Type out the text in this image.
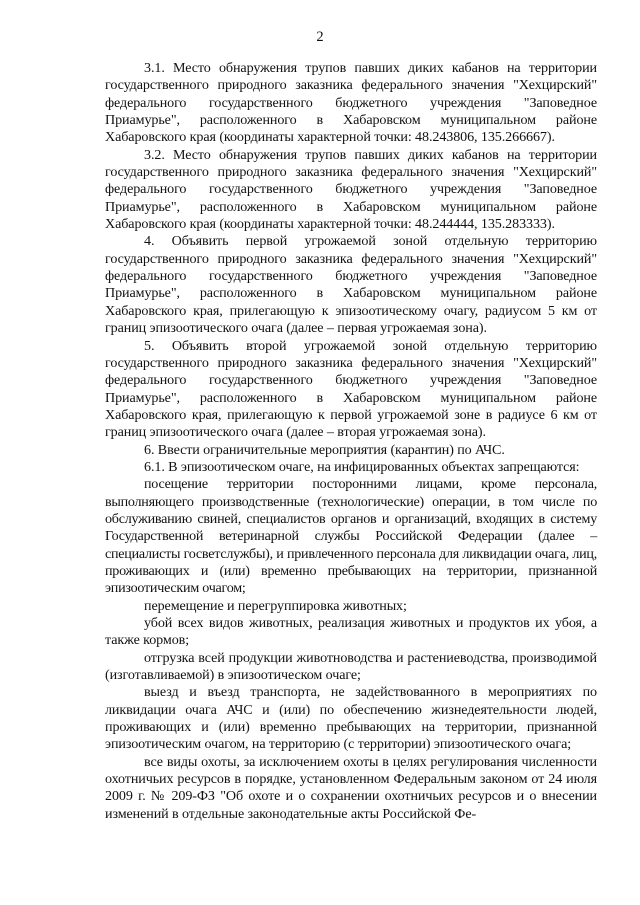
2

3.1. Место обнаружения трупов павших диких кабанов на территории государственного природного заказника федерального значения "Хехцирский" федерального государственного бюджетного учреждения "Заповедное Приамурье", расположенного в Хабаровском муниципальном районе Хабаровского края (координаты характерной точки: 48.243806, 135.266667).

3.2. Место обнаружения трупов павших диких кабанов на территории государственного природного заказника федерального значения "Хехцирский" федерального государственного бюджетного учреждения "Заповедное Приамурье", расположенного в Хабаровском муниципальном районе Хабаровского края (координаты характерной точки: 48.244444, 135.283333).

4. Объявить первой угрожаемой зоной отдельную территорию государственного природного заказника федерального значения "Хехцирский" федерального государственного бюджетного учреждения "Заповедное Приамурье", расположенного в Хабаровском муниципальном районе Хабаровского края, прилегающую к эпизоотическому очагу, радиусом 5 км от границ эпизоотического очага (далее – первая угрожаемая зона).

5. Объявить второй угрожаемой зоной отдельную территорию государственного природного заказника федерального значения "Хехцирский" федерального государственного бюджетного учреждения "Заповедное Приамурье", расположенного в Хабаровском муниципальном районе Хабаровского края, прилегающую к первой угрожаемой зоне в радиусе 6 км от границ эпизоотического очага (далее – вторая угрожаемая зона).

6. Ввести ограничительные мероприятия (карантин) по АЧС.

6.1. В эпизоотическом очаге, на инфицированных объектах запрещаются:

посещение территории посторонними лицами, кроме персонала, выполняющего производственные (технологические) операции, в том числе по обслуживанию свиней, специалистов органов и организаций, входящих в систему Государственной ветеринарной службы Российской Федерации (далее – специалисты госветслужбы), и привлеченного персонала для ликвидации очага, лиц, проживающих и (или) временно пребывающих на территории, признанной эпизоотическим очагом;

перемещение и перегруппировка животных;

убой всех видов животных, реализация животных и продуктов их убоя, а также кормов;

отгрузка всей продукции животноводства и растениеводства, производимой (изготавливаемой) в эпизоотическом очаге;

выезд и въезд транспорта, не задействованного в мероприятиях по ликвидации очага АЧС и (или) по обеспечению жизнедеятельности людей, проживающих и (или) временно пребывающих на территории, признанной эпизоотическим очагом, на территорию (с территории) эпизоотического очага;

все виды охоты, за исключением охоты в целях регулирования численности охотничьих ресурсов в порядке, установленном Федеральным законом от 24 июля 2009 г. № 209-ФЗ "Об охоте и о сохранении охотничьих ресурсов и о внесении изменений в отдельные законодательные акты Российской Фе-
